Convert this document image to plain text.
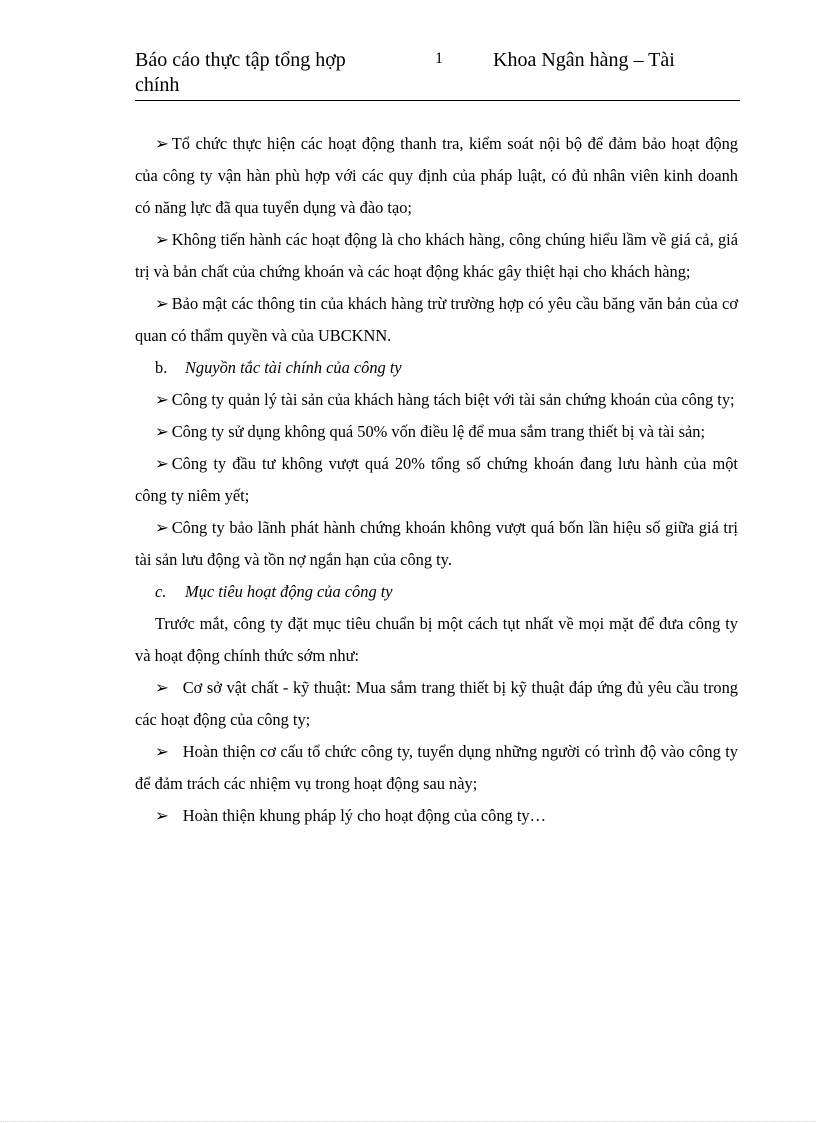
Báo cáo thực tập tổng hợp chính
1	Khoa Ngân hàng – Tài

➢ Tổ chức thực hiện các hoạt động thanh tra, kiểm soát nội bộ để đảm bảo hoạt động của công ty vận hàn phù hợp với các quy định của pháp luật, có đủ nhân viên kinh doanh có năng lực đã qua tuyển dụng và đào tạo;

➢ Không tiến hành các hoạt động là cho khách hàng, công chúng hiểu lầm về giá cả, giá trị và bản chất của chứng khoán và các hoạt động khác gây thiệt hại cho khách hàng;

➢ Bảo mật các thông tin của khách hàng trừ trường hợp có yêu cầu băng văn bản của cơ quan có thẩm quyền và của UBCKNN.

b. Nguyồn tắc tài chính của công ty

➢ Công ty quản lý tài sản của khách hàng tách biệt với tài sản chứng khoán của công ty;

➢ Công ty sử dụng không quá 50% vốn điều lệ để mua sắm trang thiết bị và tài sản;

➢ Công ty đầu tư không vượt quá 20% tổng số chứng khoán đang lưu hành của một công ty niêm yết;

➢ Công ty bảo lãnh phát hành chứng khoán không vượt quá bốn lần hiệu số giữa giá trị tài sản lưu động và tồn nợ ngắn hạn của công ty.

c. Mục tiêu hoạt động của công ty

Trước mắt, công ty đặt mục tiêu chuẩn bị một cách tụt nhất về mọi mặt để đưa công ty và hoạt động chính thức sớm như:

➢ Cơ sở vật chất - kỹ thuật: Mua sắm trang thiết bị kỹ thuật đáp ứng đủ yêu cầu trong các hoạt động của công ty;

➢ Hoàn thiện cơ cấu tổ chức công ty, tuyển dụng những người có trình độ vào công ty để đảm trách các nhiệm vụ trong hoạt động sau này;

➢ Hoàn thiện khung pháp lý cho hoạt động của công ty…
